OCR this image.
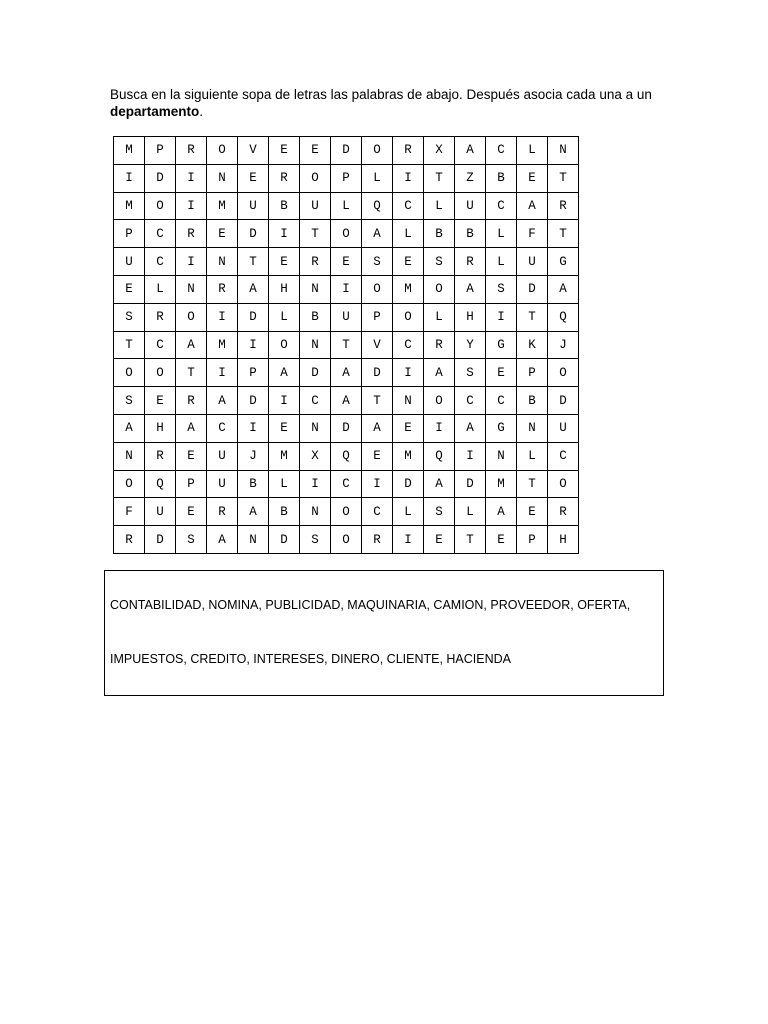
Busca en la siguiente sopa de letras las palabras de abajo. Después asocia cada una a un departamento.
M	P	R	O	V	E	E	D	O	R	X	A	C	L	N
I	D	I	N	E	R	O	P	L	I	T	Z	B	E	T
M	O	I	M	U	B	U	L	Q	C	L	U	C	A	R
P	C	R	E	D	I	T	O	A	L	B	B	L	F	T
U	C	I	N	T	E	R	E	S	E	S	R	L	U	G
E	L	N	R	A	H	N	I	O	M	O	A	S	D	A
S	R	O	I	D	L	B	U	P	O	L	H	I	T	Q
T	C	A	M	I	O	N	T	V	C	R	Y	G	K	J
O	O	T	I	P	A	D	A	D	I	A	S	E	P	O
S	E	R	A	D	I	C	A	T	N	O	C	C	B	D
A	H	A	C	I	E	N	D	A	E	I	A	G	N	U
N	R	E	U	J	M	X	Q	E	M	Q	I	N	L	C
O	Q	P	U	B	L	I	C	I	D	A	D	M	T	O
F	U	E	R	A	B	N	O	C	L	S	L	A	E	R
R	D	S	A	N	D	S	O	R	I	E	T	E	P	H
CONTABILIDAD, NOMINA, PUBLICIDAD, MAQUINARIA, CAMION, PROVEEDOR, OFERTA,
IMPUESTOS, CREDITO, INTERESES, DINERO, CLIENTE, HACIENDA
